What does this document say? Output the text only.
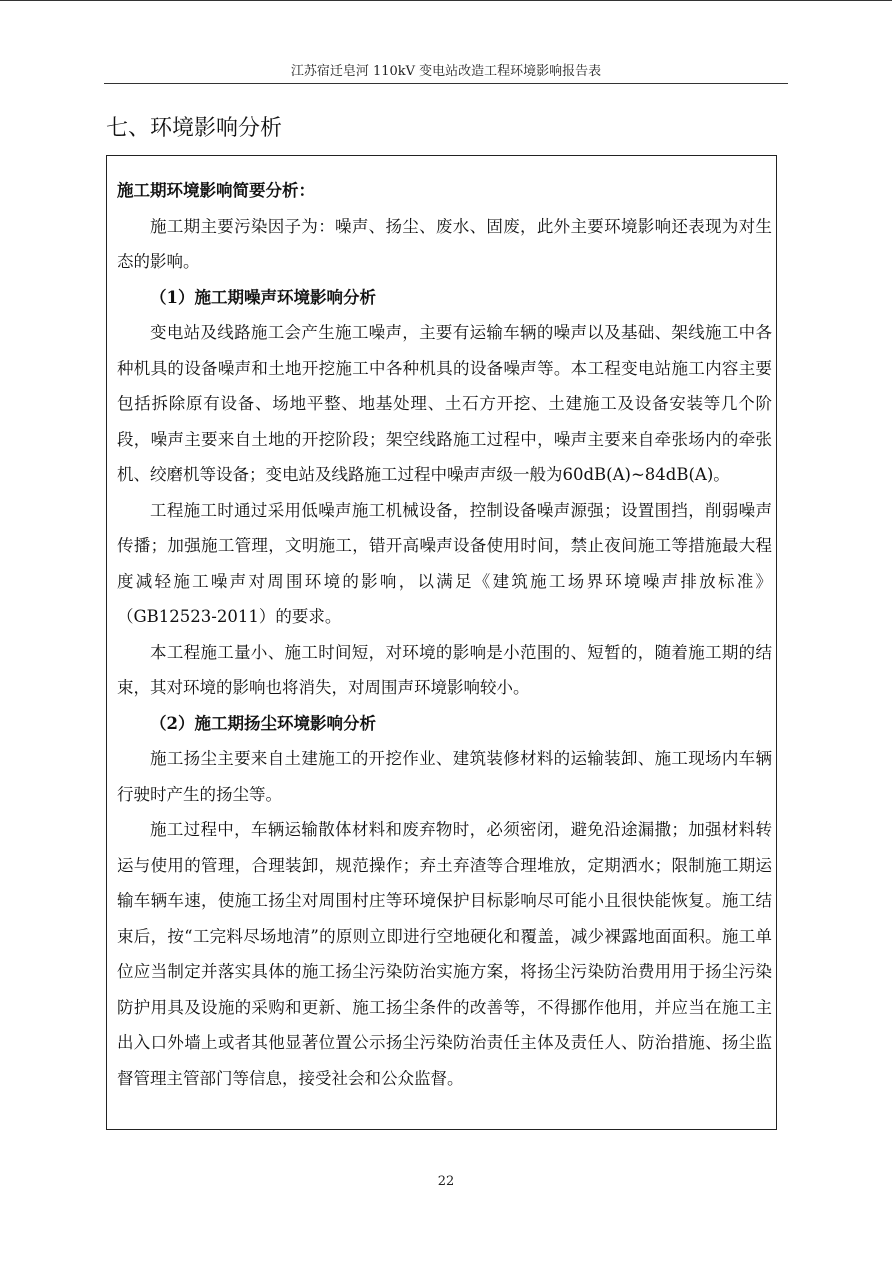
江苏宿迁皂河 110kV 变电站改造工程环境影响报告表
七、环境影响分析

施工期环境影响简要分析：

施工期主要污染因子为：噪声、扬尘、废水、固废，此外主要环境影响还表现为对生态的影响。

（1）施工期噪声环境影响分析

变电站及线路施工会产生施工噪声，主要有运输车辆的噪声以及基础、架线施工中各种机具的设备噪声和土地开挖施工中各种机具的设备噪声等。本工程变电站施工内容主要包括拆除原有设备、场地平整、地基处理、土石方开挖、土建施工及设备安装等几个阶段，噪声主要来自土地的开挖阶段；架空线路施工过程中，噪声主要来自牵张场内的牵张机、绞磨机等设备；变电站及线路施工过程中噪声声级一般为60dB(A)~84dB(A)。

工程施工时通过采用低噪声施工机械设备，控制设备噪声源强；设置围挡，削弱噪声传播；加强施工管理，文明施工，错开高噪声设备使用时间，禁止夜间施工等措施最大程度减轻施工噪声对周围环境的影响，以满足《建筑施工场界环境噪声排放标准》（GB12523-2011）的要求。

本工程施工量小、施工时间短，对环境的影响是小范围的、短暂的，随着施工期的结束，其对环境的影响也将消失，对周围声环境影响较小。

（2）施工期扬尘环境影响分析

施工扬尘主要来自土建施工的开挖作业、建筑装修材料的运输装卸、施工现场内车辆行驶时产生的扬尘等。

施工过程中，车辆运输散体材料和废弃物时，必须密闭，避免沿途漏撒；加强材料转运与使用的管理，合理装卸，规范操作；弃土弃渣等合理堆放，定期洒水；限制施工期运输车辆车速，使施工扬尘对周围村庄等环境保护目标影响尽可能小且很快能恢复。施工结束后，按“工完料尽场地清”的原则立即进行空地硬化和覆盖，减少裸露地面面积。施工单位应当制定并落实具体的施工扬尘污染防治实施方案，将扬尘污染防治费用用于扬尘污染防护用具及设施的采购和更新、施工扬尘条件的改善等，不得挪作他用，并应当在施工主出入口外墙上或者其他显著位置公示扬尘污染防治责任主体及责任人、防治措施、扬尘监督管理主管部门等信息，接受社会和公众监督。

22
